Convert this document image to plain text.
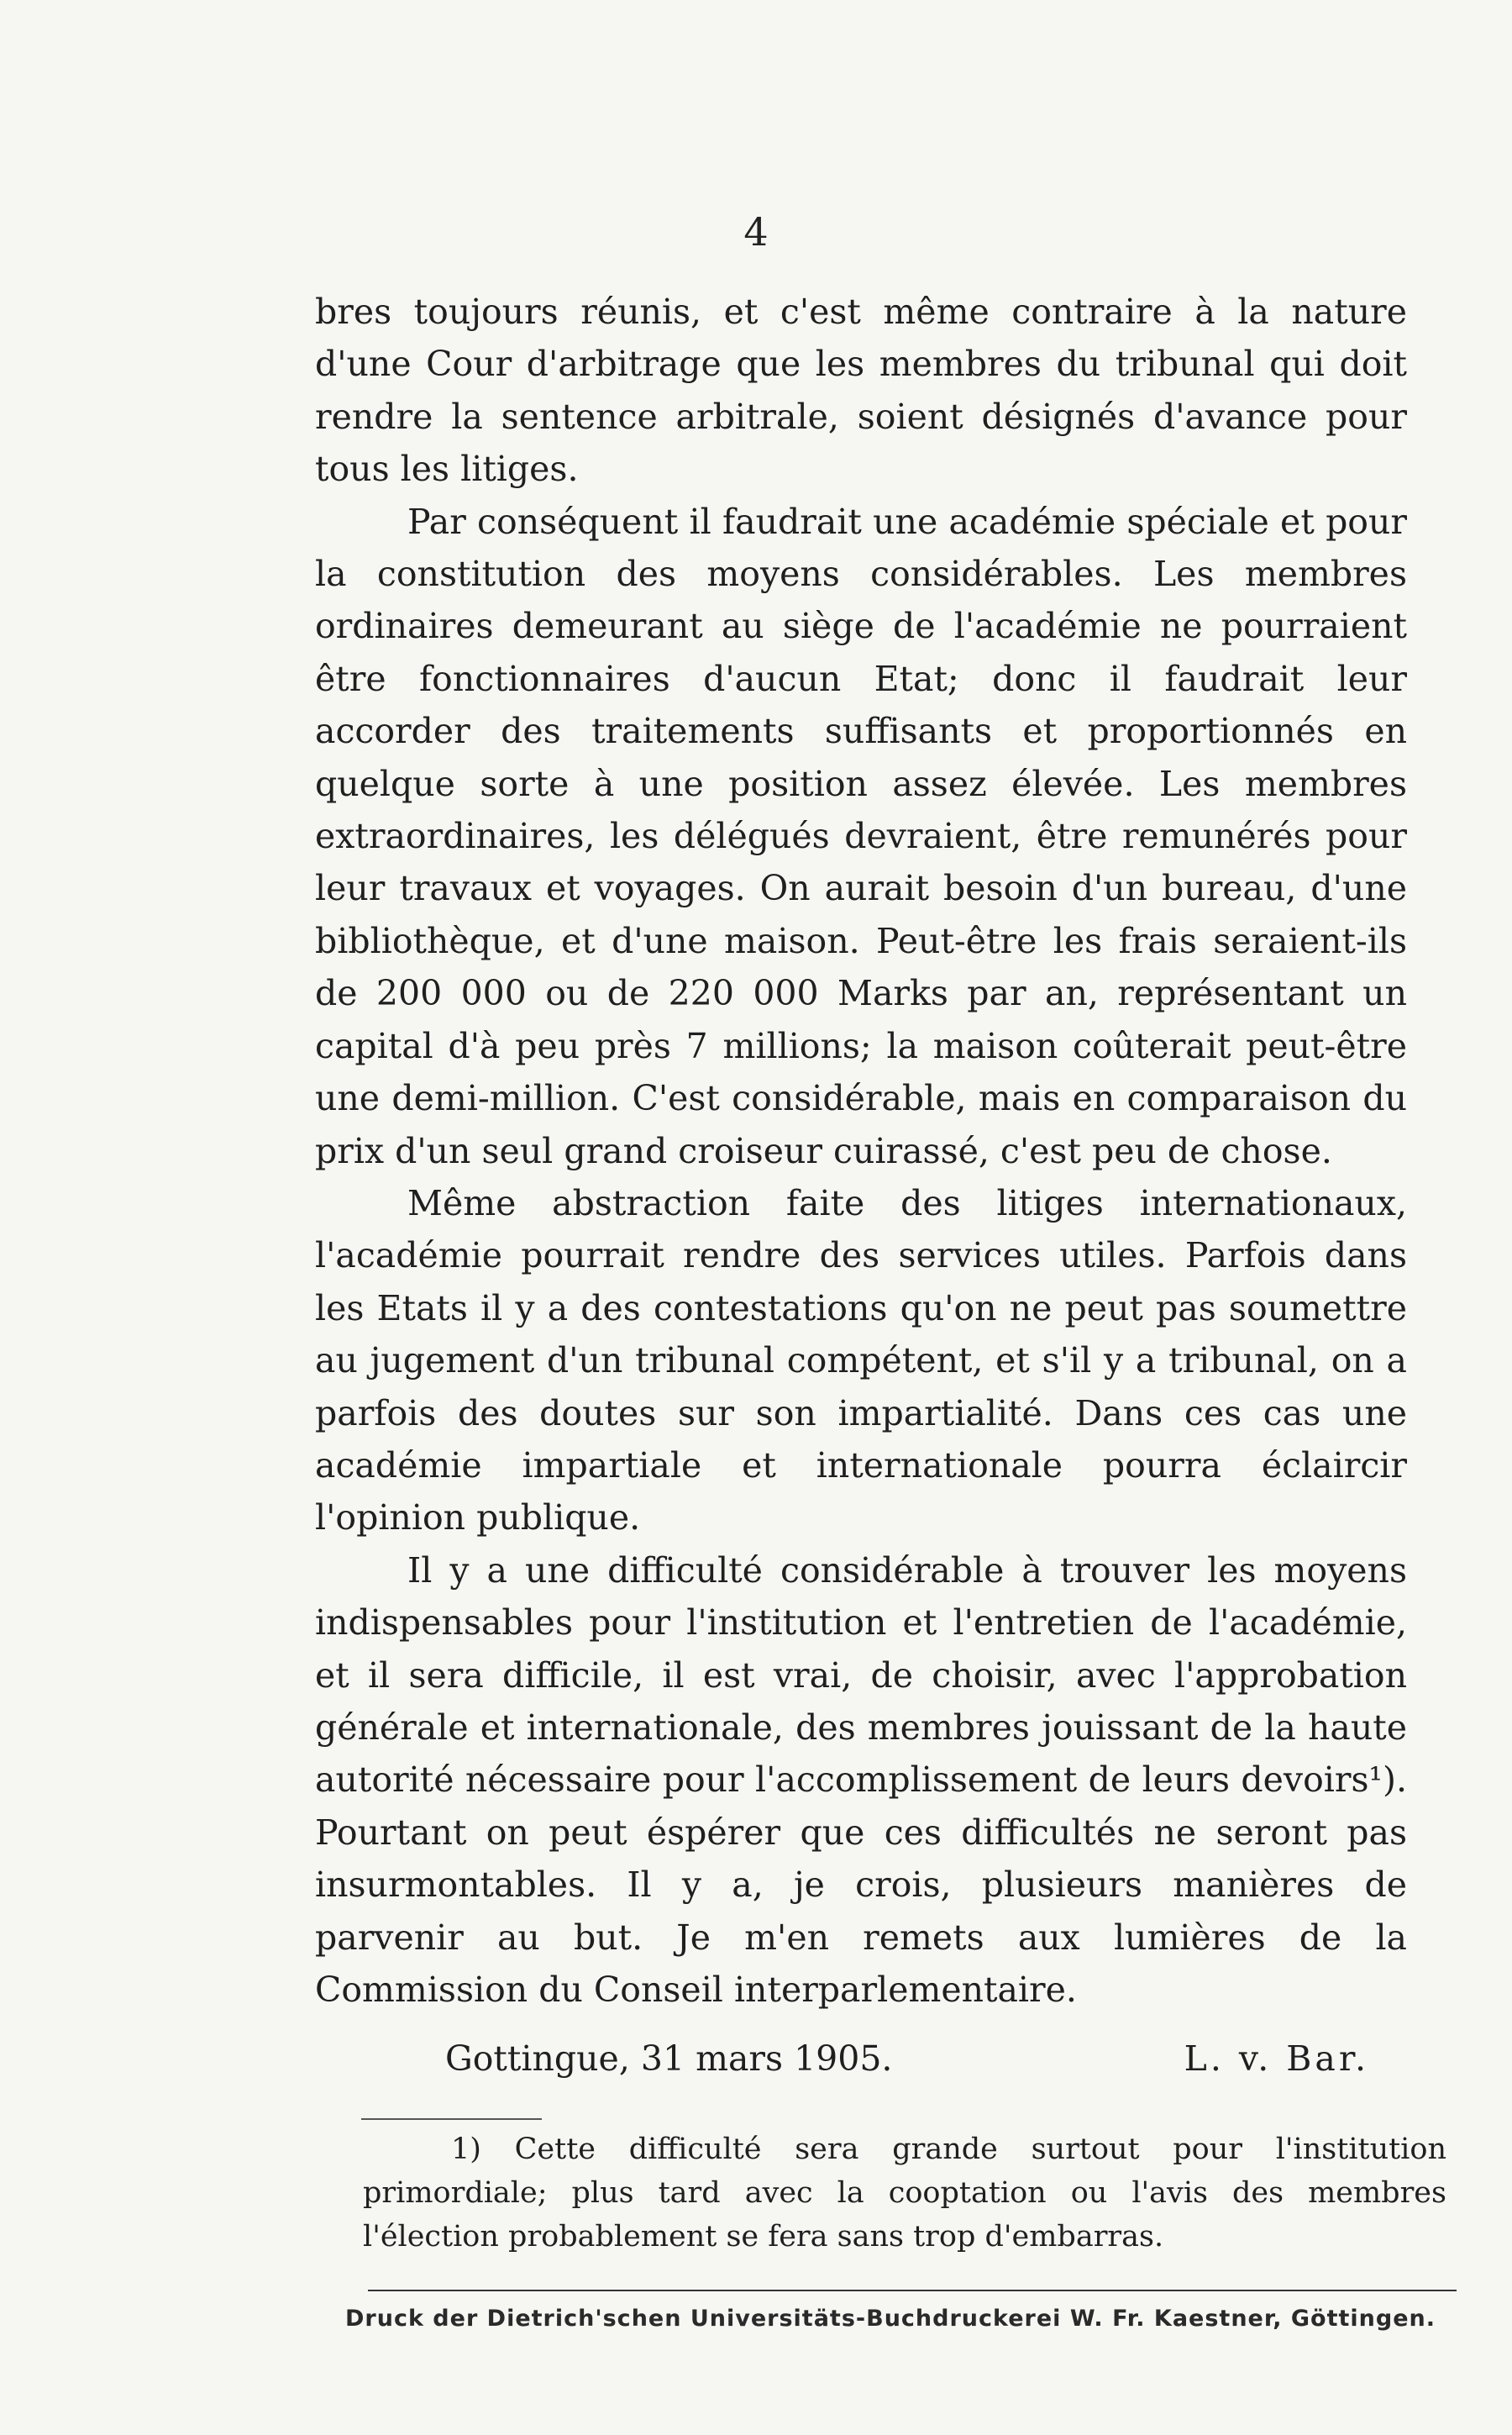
4

bres toujours réunis, et c'est même contraire à la nature d'une Cour d'arbitrage que les membres du tribunal qui doit rendre la sentence arbitrale, soient désignés d'avance pour tous les litiges.

Par conséquent il faudrait une académie spéciale et pour la constitution des moyens considérables. Les membres ordinaires demeurant au siège de l'académie ne pourraient être fonctionnaires d'aucun Etat; donc il faudrait leur accorder des traitements suffisants et proportionnés en quelque sorte à une position assez élevée. Les membres extraordinaires, les délégués devraient, être remunérés pour leur travaux et voyages. On aurait besoin d'un bureau, d'une bibliothèque, et d'une maison. Peut-être les frais seraient-ils de 200 000 ou de 220 000 Marks par an, représentant un capital d'à peu près 7 millions; la maison coûterait peut-être une demi-million. C'est considérable, mais en comparaison du prix d'un seul grand croiseur cuirassé, c'est peu de chose.

Même abstraction faite des litiges internationaux, l'académie pourrait rendre des services utiles. Parfois dans les Etats il y a des contestations qu'on ne peut pas soumettre au jugement d'un tribunal compétent, et s'il y a tribunal, on a parfois des doutes sur son impartialité. Dans ces cas une académie impartiale et internationale pourra éclaircir l'opinion publique.

Il y a une difficulté considérable à trouver les moyens indispensables pour l'institution et l'entretien de l'académie, et il sera difficile, il est vrai, de choisir, avec l'approbation générale et internationale, des membres jouissant de la haute autorité nécessaire pour l'accomplissement de leurs devoirs¹). Pourtant on peut éspérer que ces difficultés ne seront pas insurmontables. Il y a, je crois, plusieurs manières de parvenir au but. Je m'en remets aux lumières de la Commission du Conseil interparlementaire.

Gottingue, 31 mars 1905.	L. v. Bar.

1) Cette difficulté sera grande surtout pour l'institution primordiale; plus tard avec la cooptation ou l'avis des membres l'élection probablement se fera sans trop d'embarras.

Druck der Dietrich'schen Universitäts-Buchdruckerei W. Fr. Kaestner, Göttingen.
